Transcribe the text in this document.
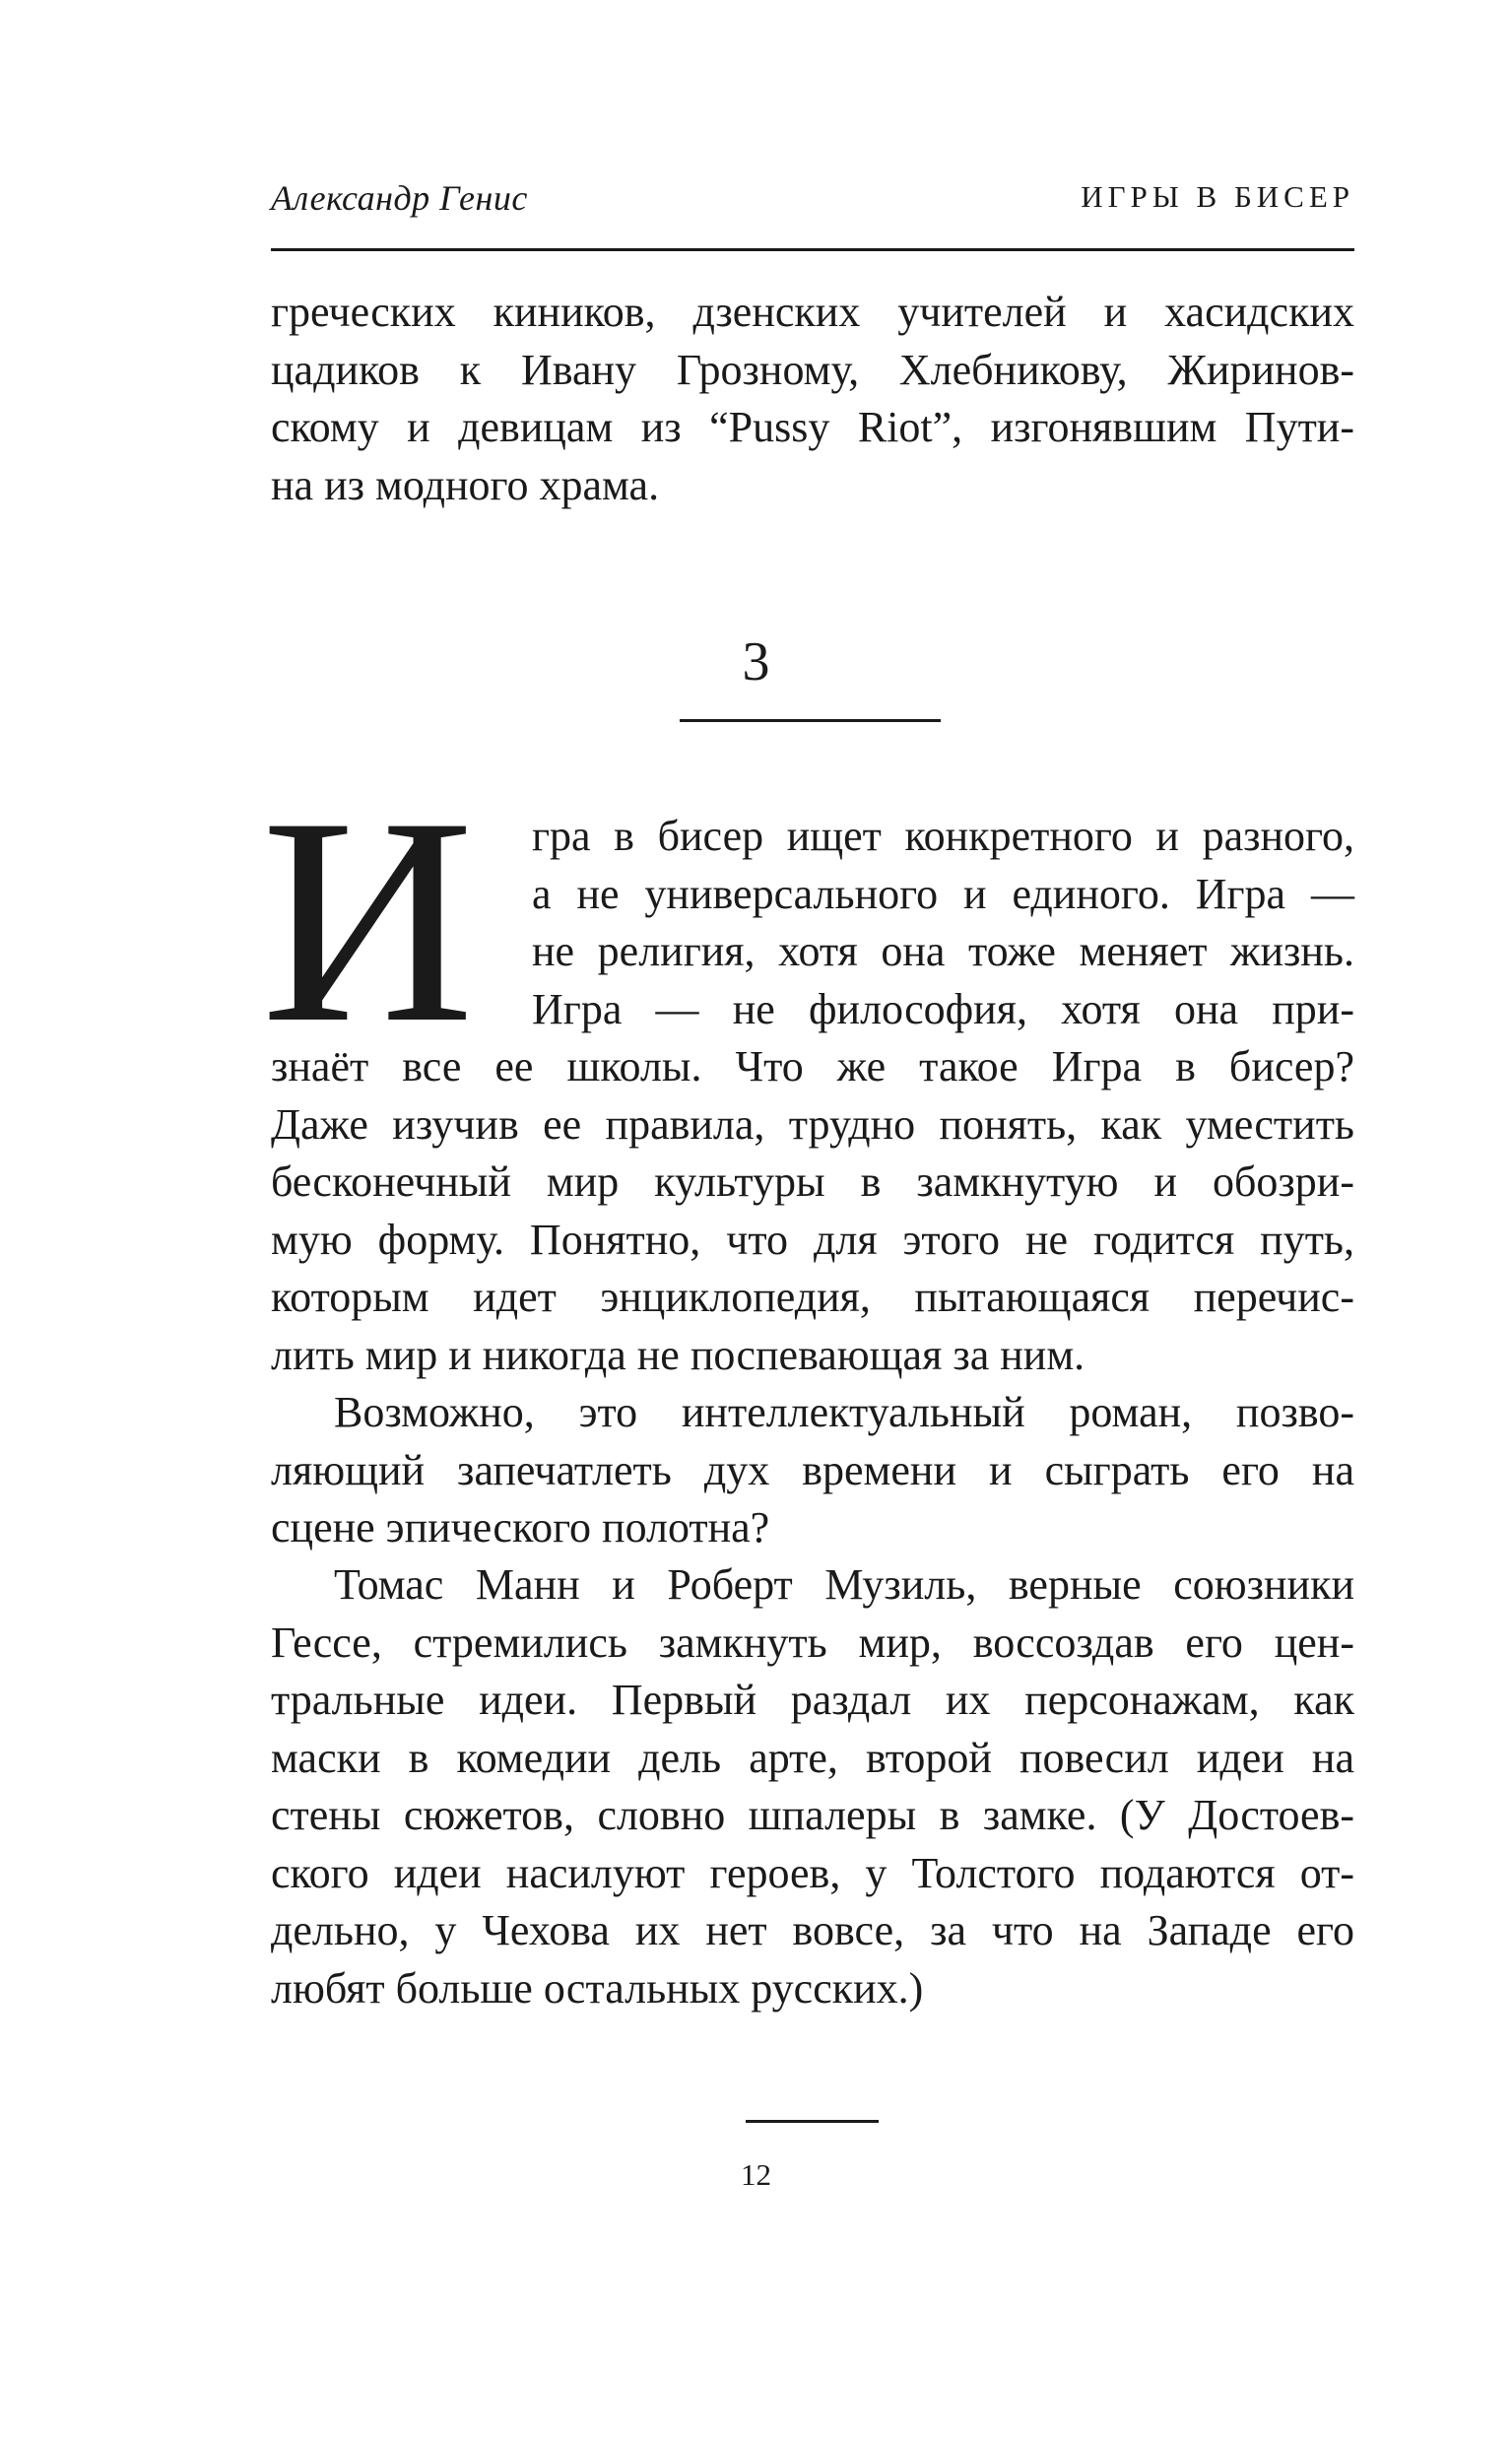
Александр Генис	ИГРЫ В БИСЕР
греческих киников, дзенских учителей и хасидских
цадиков к Ивану Грозному, Хлебникову, Жиринов-
скому и девицам из “Pussy Riot”, изгонявшим Пути-
на из модного храма.
3
И гра в бисер ищет конкретного и разного,
а не универсального и единого. Игра —
не религия, хотя она тоже меняет жизнь.
Игра — не философия, хотя она при-
знаёт все ее школы. Что же такое Игра в бисер?
Даже изучив ее правила, трудно понять, как уместить
бесконечный мир культуры в замкнутую и обозри-
мую форму. Понятно, что для этого не годится путь,
которым идет энциклопедия, пытающаяся перечис-
лить мир и никогда не поспевающая за ним.
Возможно, это интеллектуальный роман, позво-
ляющий запечатлеть дух времени и сыграть его на
сцене эпического полотна?
Томас Манн и Роберт Музиль, верные союзники
Гессе, стремились замкнуть мир, воссоздав его цен-
тральные идеи. Первый раздал их персонажам, как
маски в комедии дель арте, второй повесил идеи на
стены сюжетов, словно шпалеры в замке. (У Достоев-
ского идеи насилуют героев, у Толстого подаются от-
дельно, у Чехова их нет вовсе, за что на Западе его
любят больше остальных русских.)
12
